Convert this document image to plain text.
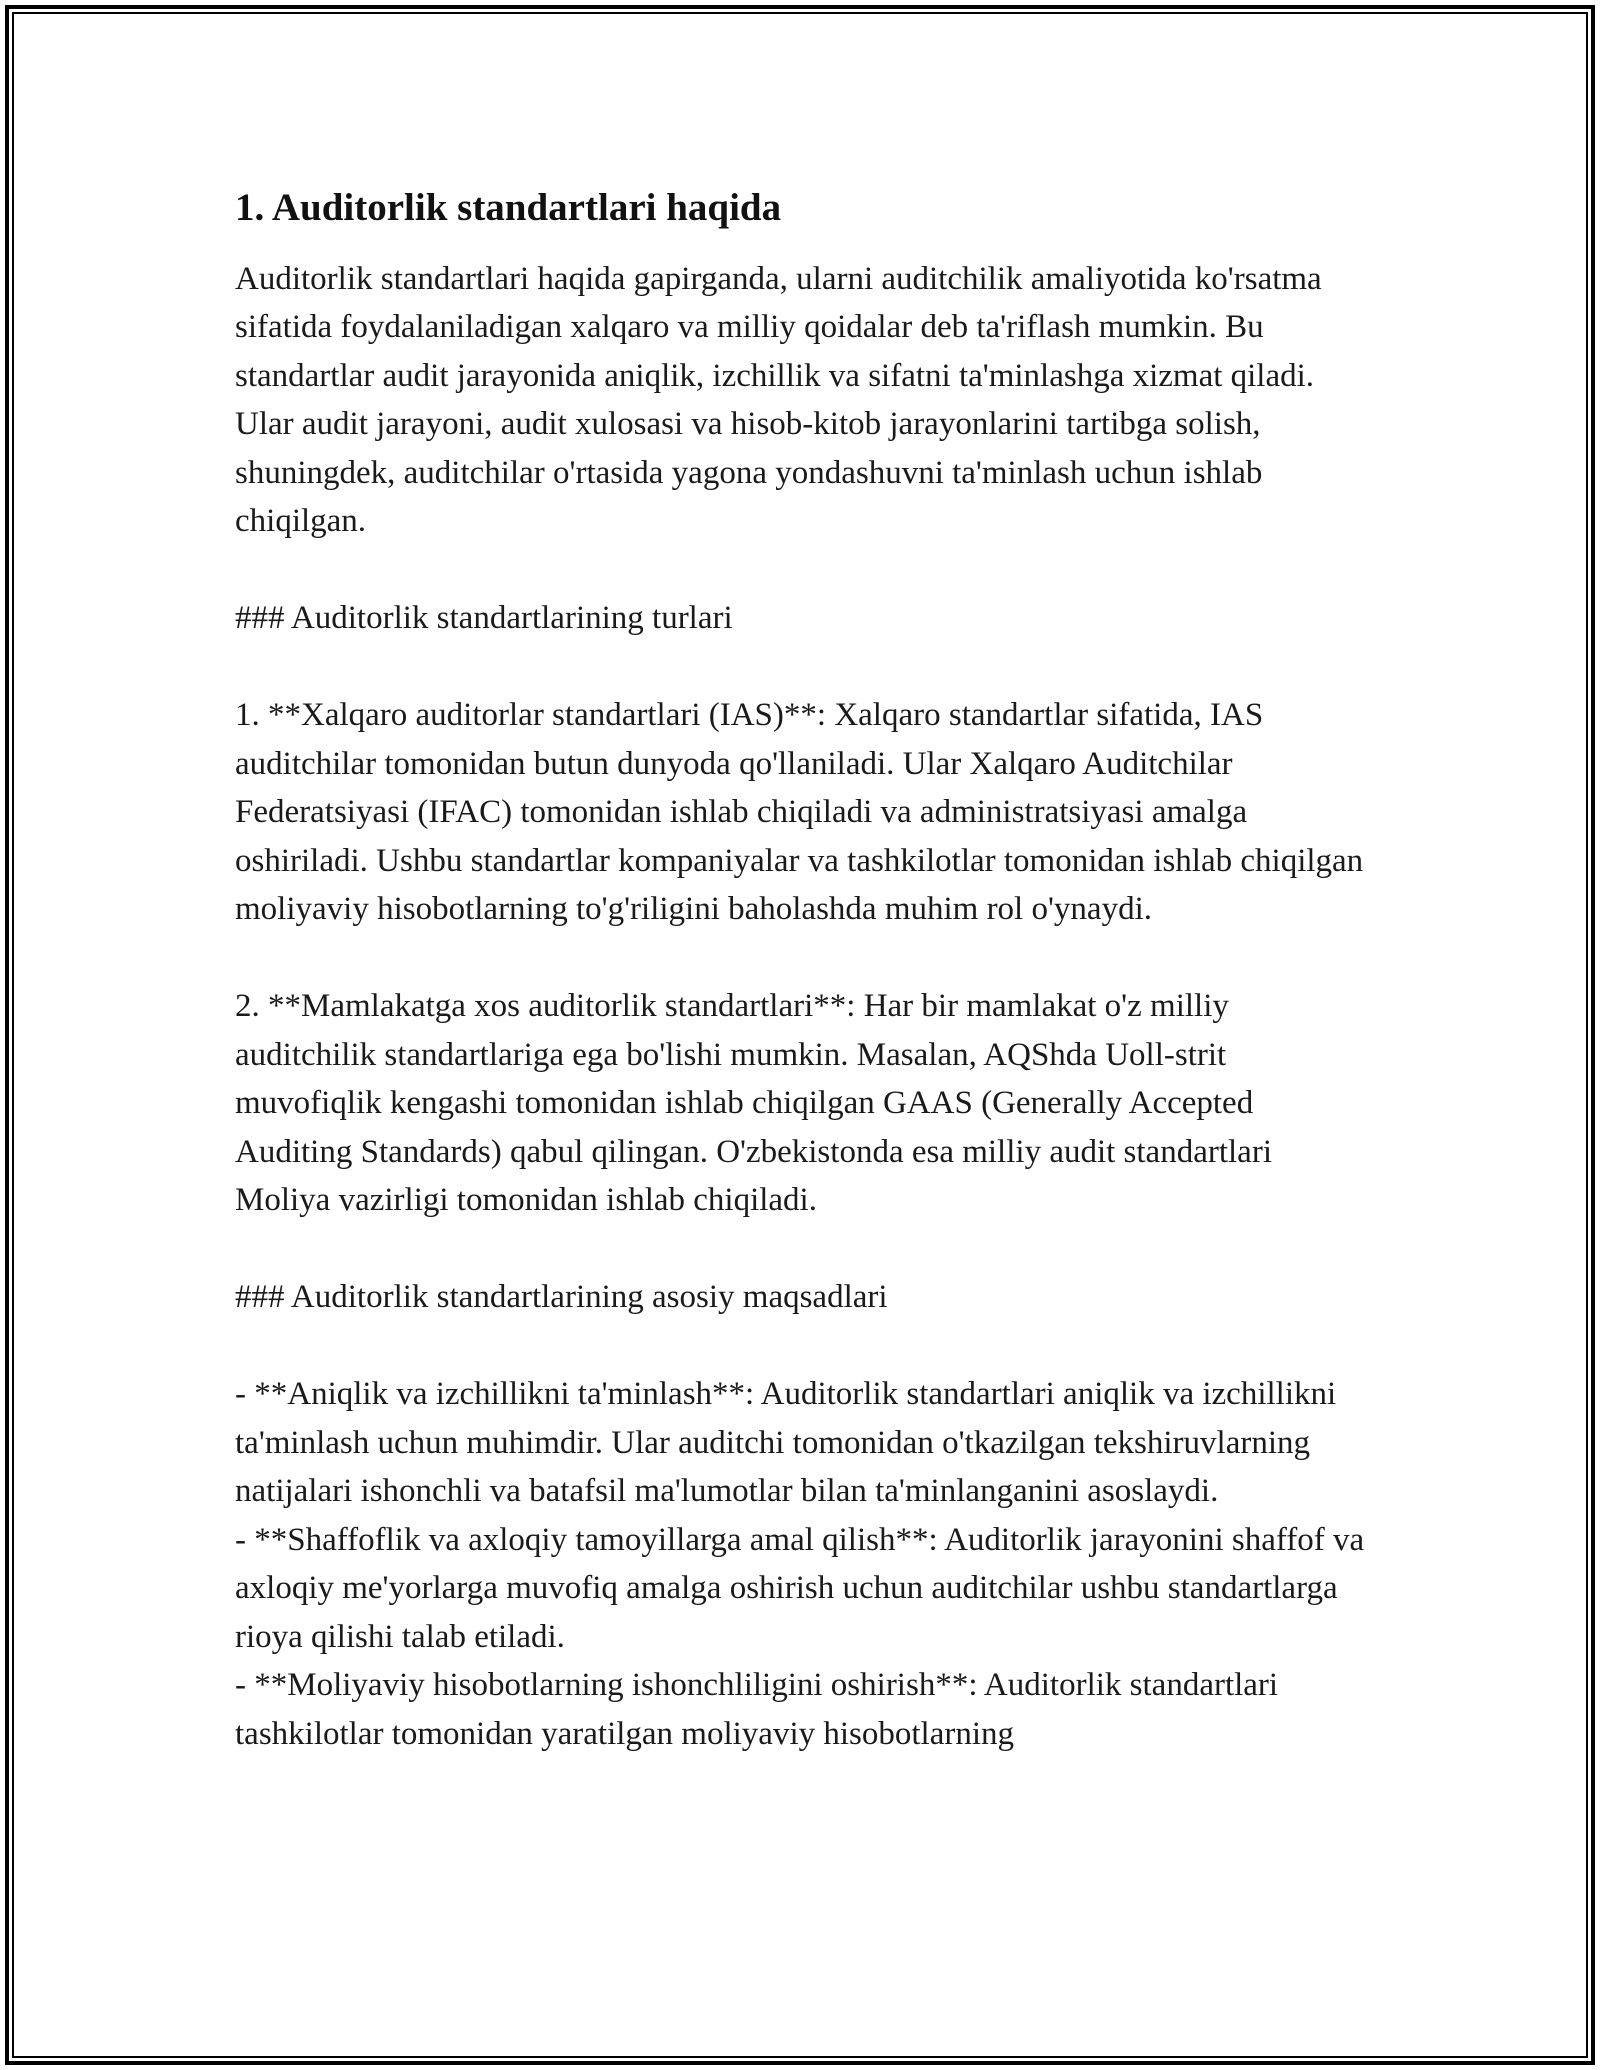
1. Auditorlik standartlari haqida

Auditorlik standartlari haqida gapirganda, ularni auditchilik amaliyotida ko'rsatma sifatida foydalaniladigan xalqaro va milliy qoidalar deb ta'riflash mumkin. Bu standartlar audit jarayonida aniqlik, izchillik va sifatni ta'minlashga xizmat qiladi. Ular audit jarayoni, audit xulosasi va hisob-kitob jarayonlarini tartibga solish, shuningdek, auditchilar o'rtasida yagona yondashuvni ta'minlash uchun ishlab chiqilgan.

### Auditorlik standartlarining turlari

1. **Xalqaro auditorlar standartlari (IAS)**: Xalqaro standartlar sifatida, IAS auditchilar tomonidan butun dunyoda qo'llaniladi. Ular Xalqaro Auditchilar Federatsiyasi (IFAC) tomonidan ishlab chiqiladi va administratsiyasi amalga oshiriladi. Ushbu standartlar kompaniyalar va tashkilotlar tomonidan ishlab chiqilgan moliyaviy hisobotlarning to'g'riligini baholashda muhim rol o'ynaydi.

2. **Mamlakatga xos auditorlik standartlari**: Har bir mamlakat o'z milliy auditchilik standartlariga ega bo'lishi mumkin. Masalan, AQShda Uoll-strit muvofiqlik kengashi tomonidan ishlab chiqilgan GAAS (Generally Accepted Auditing Standards) qabul qilingan. O'zbekistonda esa milliy audit standartlari Moliya vazirligi tomonidan ishlab chiqiladi.

### Auditorlik standartlarining asosiy maqsadlari

- **Aniqlik va izchillikni ta'minlash**: Auditorlik standartlari aniqlik va izchillikni ta'minlash uchun muhimdir. Ular auditchi tomonidan o'tkazilgan tekshiruvlarning natijalari ishonchli va batafsil ma'lumotlar bilan ta'minlanganini asoslaydi.

- **Shaffoflik va axloqiy tamoyillarga amal qilish**: Auditorlik jarayonini shaffof va axloqiy me'yorlarga muvofiq amalga oshirish uchun auditchilar ushbu standartlarga rioya qilishi talab etiladi.

- **Moliyaviy hisobotlarning ishonchliligini oshirish**: Auditorlik standartlari tashkilotlar tomonidan yaratilgan moliyaviy hisobotlarning
